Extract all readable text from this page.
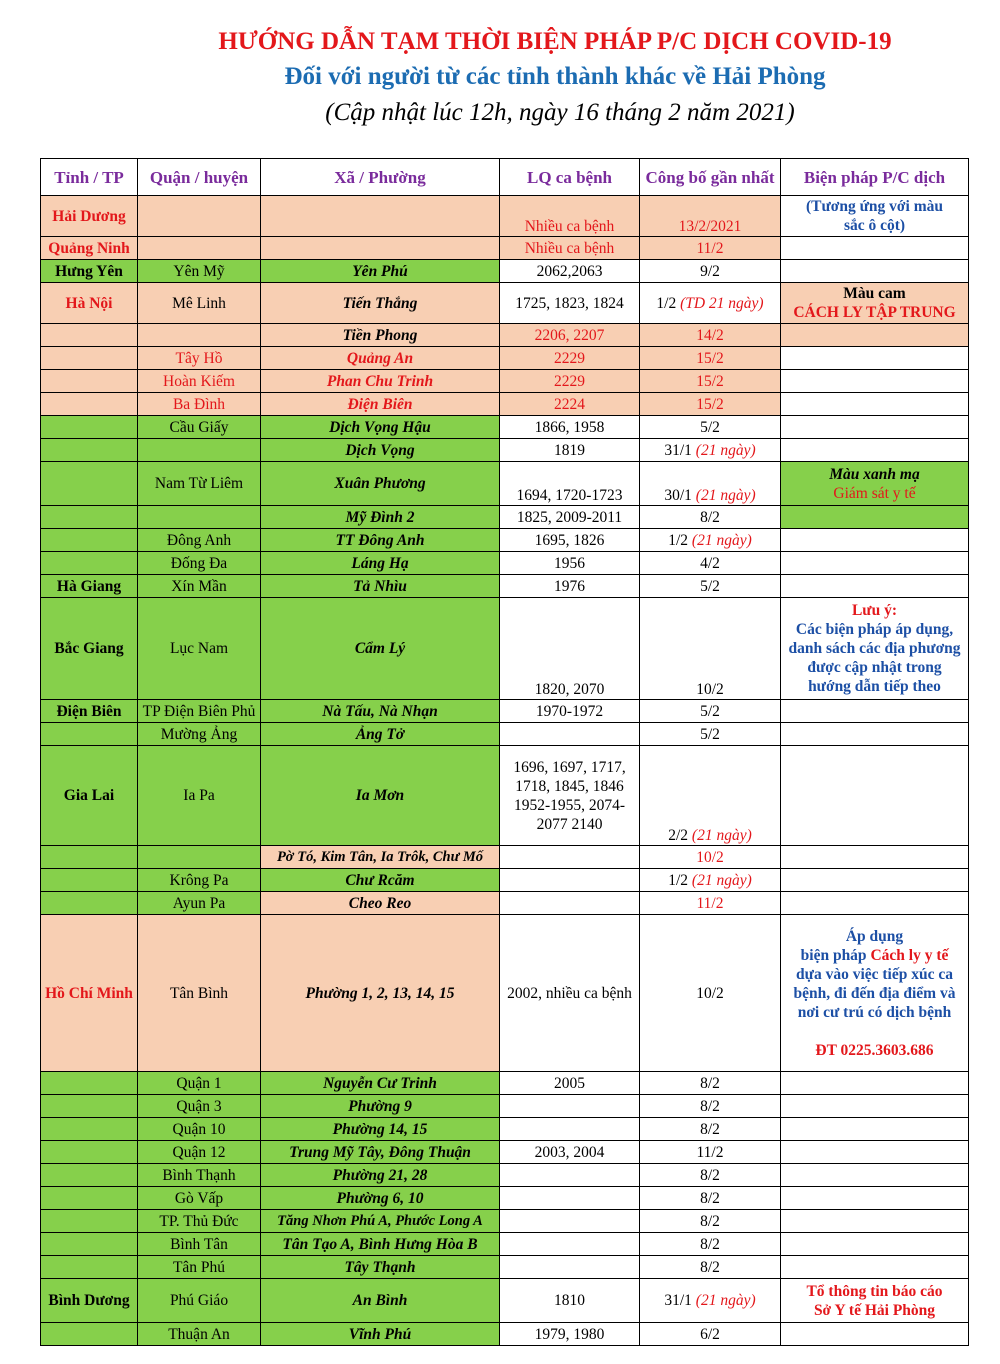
HƯỚNG DẪN TẠM THỜI BIỆN PHÁP P/C DỊCH COVID-19
Đối với người từ các tỉnh thành khác về Hải Phòng
(Cập nhật lúc 12h, ngày 16 tháng 2 năm 2021)
Tỉnh / TP	Quận / huyện	Xã / Phường	LQ ca bệnh	Công bố gần nhất	Biện pháp P/C dịch
Hải Dương			Nhiều ca bệnh	13/2/2021	(Tương ứng với màu sắc ô cột)
Quảng Ninh			Nhiều ca bệnh	11/2	
Hưng Yên	Yên Mỹ	Yên Phú	2062,2063	9/2	
Hà Nội	Mê Linh	Tiến Thắng	1725, 1823, 1824	1/2 (TD 21 ngày)	Màu cam
CÁCH LY TẬP TRUNG

		Tiền Phong	2206, 2207	14/2	
	Tây Hồ	Quảng An	2229	15/2	
	Hoàn Kiếm	Phan Chu Trinh	2229	15/2	
	Ba Đình	Điện Biên	2224	15/2	
	Cầu Giấy	Dịch Vọng Hậu	1866, 1958	5/2	
		Dịch Vọng	1819	31/1 (21 ngày)	
	Nam Từ Liêm	Xuân Phương	1694, 1720-1723	30/1 (21 ngày)	Màu xanh mạ
Giám sát y tế

		Mỹ Đình 2	1825, 2009-2011	8/2	
	Đông Anh	TT Đông Anh	1695, 1826	1/2 (21 ngày)	
	Đống Đa	Láng Hạ	1956	4/2	
Hà Giang	Xín Mần	Tả Nhìu	1976	5/2	
Bắc Giang	Lục Nam	Cẩm Lý	1820, 2070	10/2	Lưu ý:
Các biện pháp áp dụng, danh sách các địa phương được cập nhật trong hướng dẫn tiếp theo

Điện Biên	TP Điện Biên Phủ	Nà Tấu, Nà Nhạn	1970-1972	5/2	
	Mường Ảng	Ảng Tở		5/2	
Gia Lai	Ia Pa	Ia Mơn	1696, 1697, 1717, 1718, 1845, 1846 1952-1955, 2074-2077 2140	2/2 (21 ngày)	
		Pờ Tó, Kim Tân, Ia Trôk, Chư Mố		10/2	
	Krông Pa	Chư Rcăm		1/2 (21 ngày)	
	Ayun Pa	Cheo Reo		11/2	
Hồ Chí Minh	Tân Bình	Phường 1, 2, 13, 14, 15	2002, nhiều ca bệnh	10/2	Áp dụng
biện pháp Cách ly y tế
dựa vào việc tiếp xúc ca bệnh, đi đến địa điểm và nơi cư trú có dịch bệnh
ĐT 0225.3603.686

	Quận 1	Nguyễn Cư Trinh	2005	8/2	
	Quận 3	Phường 9		8/2	
	Quận 10	Phường 14, 15		8/2	
	Quận 12	Trung Mỹ Tây, Đông Thuận	2003, 2004	11/2	
	Bình Thạnh	Phường 21, 28		8/2	
	Gò Vấp	Phường 6, 10		8/2	
	TP. Thủ Đức	Tăng Nhơn Phú A, Phước Long A		8/2	
	Bình Tân	Tân Tạo A, Bình Hưng Hòa B		8/2	
	Tân Phú	Tây Thạnh		8/2	
Bình Dương	Phú Giáo	An Bình	1810	31/1 (21 ngày)	Tổ thông tin báo cáo Sở Y tế Hải Phòng
	Thuận An	Vĩnh Phú	1979, 1980	6/2	
